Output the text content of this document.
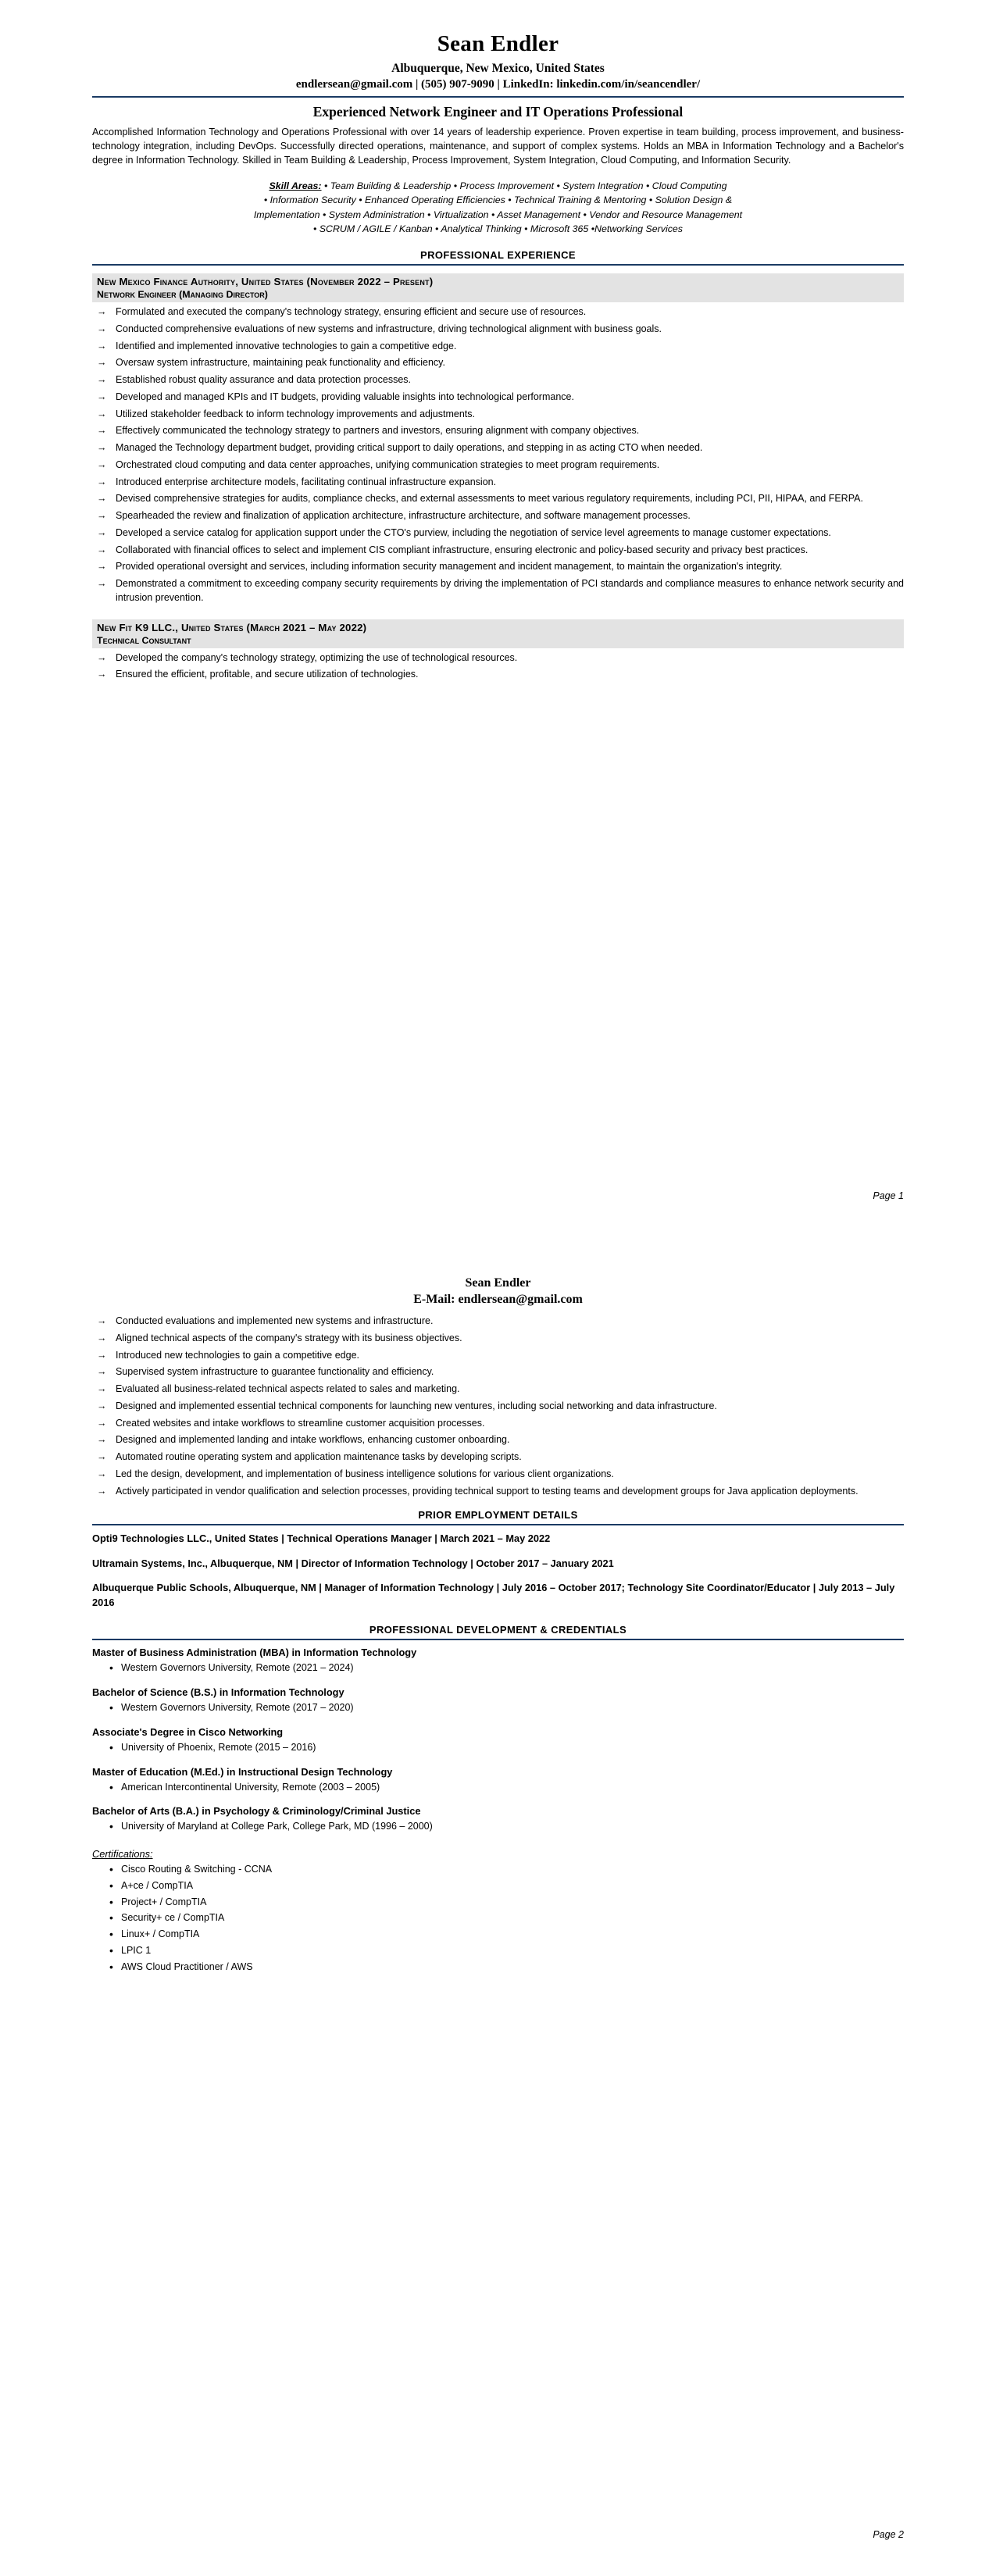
Sean Endler
Albuquerque, New Mexico, United States
endlersean@gmail.com | (505) 907-9090 | LinkedIn: linkedin.com/in/seancendler/
Experienced Network Engineer and IT Operations Professional
Accomplished Information Technology and Operations Professional with over 14 years of leadership experience. Proven expertise in team building, process improvement, and business-technology integration, including DevOps. Successfully directed operations, maintenance, and support of complex systems. Holds an MBA in Information Technology and a Bachelor's degree in Information Technology. Skilled in Team Building & Leadership, Process Improvement, System Integration, Cloud Computing, and Information Security.
Skill Areas: • Team Building & Leadership • Process Improvement • System Integration • Cloud Computing
• Information Security • Enhanced Operating Efficiencies • Technical Training & Mentoring • Solution Design &
Implementation • System Administration • Virtualization • Asset Management • Vendor and Resource Management
• SCRUM / AGILE / Kanban • Analytical Thinking • Microsoft 365 •Networking Services
PROFESSIONAL EXPERIENCE
New Mexico Finance Authority, United States (November 2022 – Present)
Network Engineer (Managing Director)
→ Formulated and executed the company's technology strategy, ensuring efficient and secure use of resources.
→ Conducted comprehensive evaluations of new systems and infrastructure, driving technological alignment with business goals.
→ Identified and implemented innovative technologies to gain a competitive edge.
→ Oversaw system infrastructure, maintaining peak functionality and efficiency.
→ Established robust quality assurance and data protection processes.
→ Developed and managed KPIs and IT budgets, providing valuable insights into technological performance.
→ Utilized stakeholder feedback to inform technology improvements and adjustments.
→ Effectively communicated the technology strategy to partners and investors, ensuring alignment with company objectives.
→ Managed the Technology department budget, providing critical support to daily operations, and stepping in as acting CTO when needed.
→ Orchestrated cloud computing and data center approaches, unifying communication strategies to meet program requirements.
→ Introduced enterprise architecture models, facilitating continual infrastructure expansion.
→ Devised comprehensive strategies for audits, compliance checks, and external assessments to meet various regulatory requirements, including PCI, PII, HIPAA, and FERPA.
→ Spearheaded the review and finalization of application architecture, infrastructure architecture, and software management processes.
→ Developed a service catalog for application support under the CTO's purview, including the negotiation of service level agreements to manage customer expectations.
→ Collaborated with financial offices to select and implement CIS compliant infrastructure, ensuring electronic and policy-based security and privacy best practices.
→ Provided operational oversight and services, including information security management and incident management, to maintain the organization's integrity.
→ Demonstrated a commitment to exceeding company security requirements by driving the implementation of PCI standards and compliance measures to enhance network security and intrusion prevention.
New Fit K9 LLC., United States (March 2021 – May 2022)
Technical Consultant
→ Developed the company's technology strategy, optimizing the use of technological resources.
→ Ensured the efficient, profitable, and secure utilization of technologies.
Page 1
Sean Endler
E-Mail: endlersean@gmail.com
→ Conducted evaluations and implemented new systems and infrastructure.
→ Aligned technical aspects of the company's strategy with its business objectives.
→ Introduced new technologies to gain a competitive edge.
→ Supervised system infrastructure to guarantee functionality and efficiency.
→ Evaluated all business-related technical aspects related to sales and marketing.
→ Designed and implemented essential technical components for launching new ventures, including social networking and data infrastructure.
→ Created websites and intake workflows to streamline customer acquisition processes.
→ Designed and implemented landing and intake workflows, enhancing customer onboarding.
→ Automated routine operating system and application maintenance tasks by developing scripts.
→ Led the design, development, and implementation of business intelligence solutions for various client organizations.
→ Actively participated in vendor qualification and selection processes, providing technical support to testing teams and development groups for Java application deployments.
PRIOR EMPLOYMENT DETAILS
Opti9 Technologies LLC., United States | Technical Operations Manager | March 2021 – May 2022
Ultramain Systems, Inc., Albuquerque, NM | Director of Information Technology | October 2017 – January 2021
Albuquerque Public Schools, Albuquerque, NM | Manager of Information Technology | July 2016 – October 2017; Technology Site Coordinator/Educator | July 2013 – July 2016
PROFESSIONAL DEVELOPMENT & CREDENTIALS
Master of Business Administration (MBA) in Information Technology
• Western Governors University, Remote (2021 – 2024)
Bachelor of Science (B.S.) in Information Technology
• Western Governors University, Remote (2017 – 2020)
Associate's Degree in Cisco Networking
• University of Phoenix, Remote (2015 – 2016)
Master of Education (M.Ed.) in Instructional Design Technology
• American Intercontinental University, Remote (2003 – 2005)
Bachelor of Arts (B.A.) in Psychology & Criminology/Criminal Justice
• University of Maryland at College Park, College Park, MD (1996 – 2000)
Certifications:
• Cisco Routing & Switching - CCNA
• A+ce / CompTIA
• Project+ / CompTIA
• Security+ ce / CompTIA
• Linux+ / CompTIA
• LPIC 1
• AWS Cloud Practitioner / AWS
Page 2
